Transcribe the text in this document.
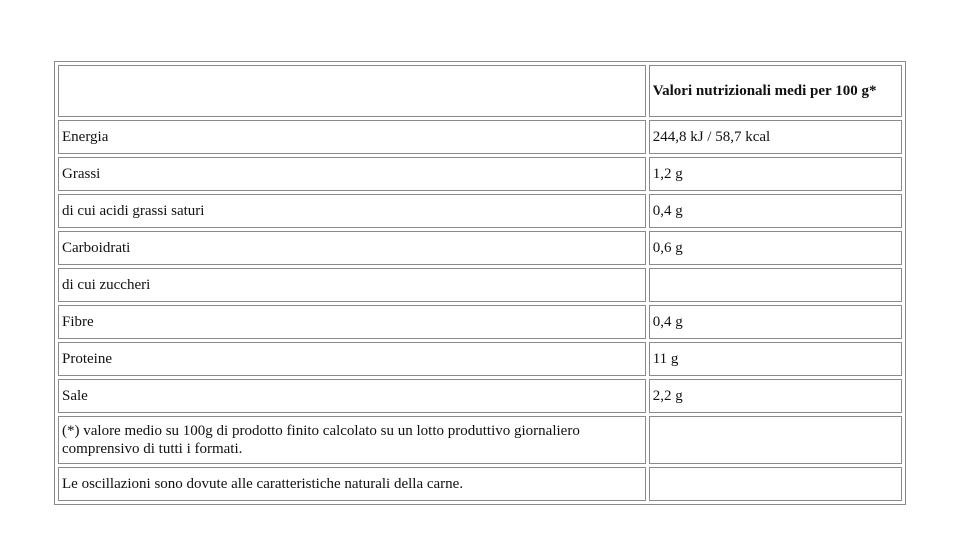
	Valori nutrizionali medi per 100 g*
Energia	244,8 kJ / 58,7 kcal
Grassi	1,2 g
di cui acidi grassi saturi	0,4 g
Carboidrati	0,6 g
di cui zuccheri	
Fibre	0,4 g
Proteine	11 g
Sale	2,2 g
(*) valore medio su 100g di prodotto finito calcolato su un lotto produttivo giornaliero comprensivo di tutti i formati.	
Le oscillazioni sono dovute alle caratteristiche naturali della carne.	
